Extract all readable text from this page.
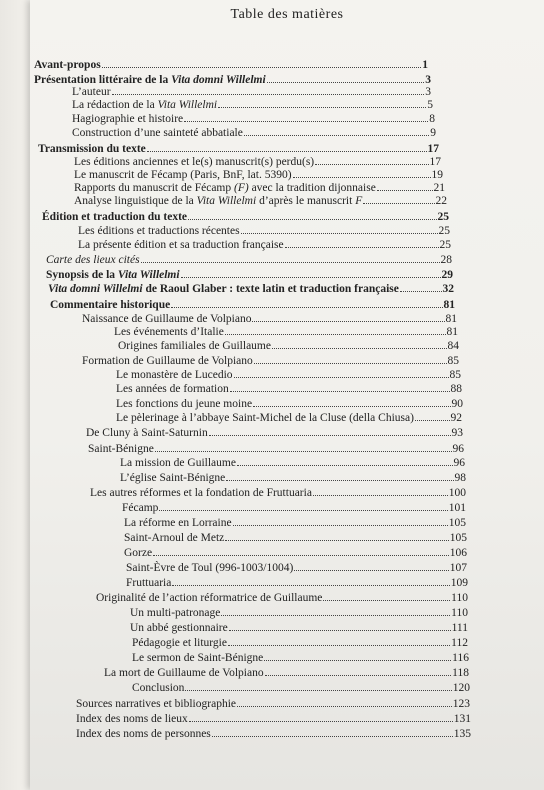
Table des matières
Avant-propos	1
Présentation littéraire de la Vita domni Willelmi	3
L’auteur	3
La rédaction de la Vita Willelmi	5
Hagiographie et histoire	8
Construction d’une sainteté abbatiale	9
Transmission du texte	17
Les éditions anciennes et le(s) manuscrit(s) perdu(s)	17
Le manuscrit de Fécamp (Paris, BnF, lat. 5390)	19
Rapports du manuscrit de Fécamp (F) avec la tradition dijonnaise	21
Analyse linguistique de la Vita Willelmi d’après le manuscrit F	22
Édition et traduction du texte	25
Les éditions et traductions récentes	25
La présente édition et sa traduction française	25
Carte des lieux cités	28
Synopsis de la Vita Willelmi	29
Vita domni Willelmi de Raoul Glaber : texte latin et traduction française	32
Commentaire historique	81
Naissance de Guillaume de Volpiano	81
Les événements d’Italie	81
Origines familiales de Guillaume	84
Formation de Guillaume de Volpiano	85
Le monastère de Lucedio	85
Les années de formation	88
Les fonctions du jeune moine	90
Le pèlerinage à l’abbaye Saint-Michel de la Cluse (della Chiusa)	92
De Cluny à Saint-Saturnin	93
Saint-Bénigne	96
La mission de Guillaume	96
L’église Saint-Bénigne	98
Les autres réformes et la fondation de Fruttuaria	100
Fécamp	101
La réforme en Lorraine	105
Saint-Arnoul de Metz	105
Gorze	106
Saint-Èvre de Toul (996-1003/1004)	107
Fruttuaria	109
Originalité de l’action réformatrice de Guillaume	110
Un multi-patronage	110
Un abbé gestionnaire	111
Pédagogie et liturgie	112
Le sermon de Saint-Bénigne	116
La mort de Guillaume de Volpiano	118
Conclusion	120
Sources narratives et bibliographie	123
Index des noms de lieux	131
Index des noms de personnes	135
